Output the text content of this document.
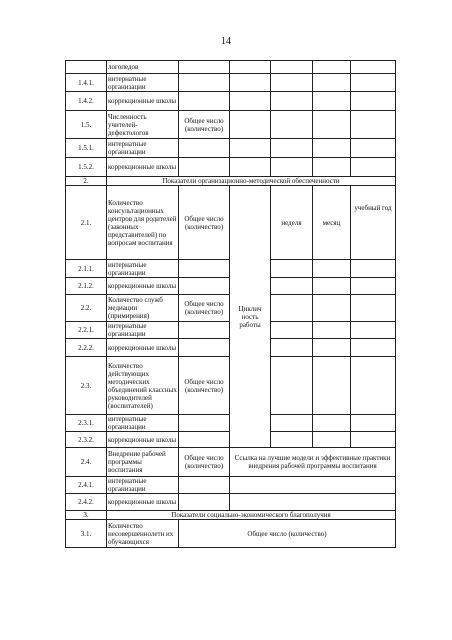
14
	логопедов					
1.4.1.	интернатные организации					
1.4.2.	коррекционные школы					
1.5.	Численность учителей-дефектологов	Общее число (количество)				
1.5.1.	интернатные организации					
1.5.2.	коррекционные школы					
2.	Показатели организационно-методической обеспеченности					
2.1.	Количество консультационных центров для родителей (законных представителей) по вопросам воспитания	Общее число (количество)	Циклич ность работы	неделя	месяц	учебный год
2.1.1.	интернатные организации					
2.1.2.	коррекционные школы					
2.2.	Количество служб медиации (примирения)	Общее число (количество)				
2.2.1.	интернатные организации					
2.2.2.	коррекционные школы					
2.3.	Количество действующих методических объединений классных руководителей (воспитателей)	Общее число (количество)				
2.3.1.	интернатные организации					
2.3.2.	коррекционные школы					
2.4.	Внедрение рабочей программы воспитания	Общее число (количество)	Ссылка на лучшие модели и эффективные практики внедрения рабочей программы воспитания			
2.4.1.	интернатные организации					
2.4.2.	коррекционные школы					
3.	Показатели социально-экономического благополучия					
3.1.	Количество несовершеннолетн их обучающихся	Общее число (количество)				
